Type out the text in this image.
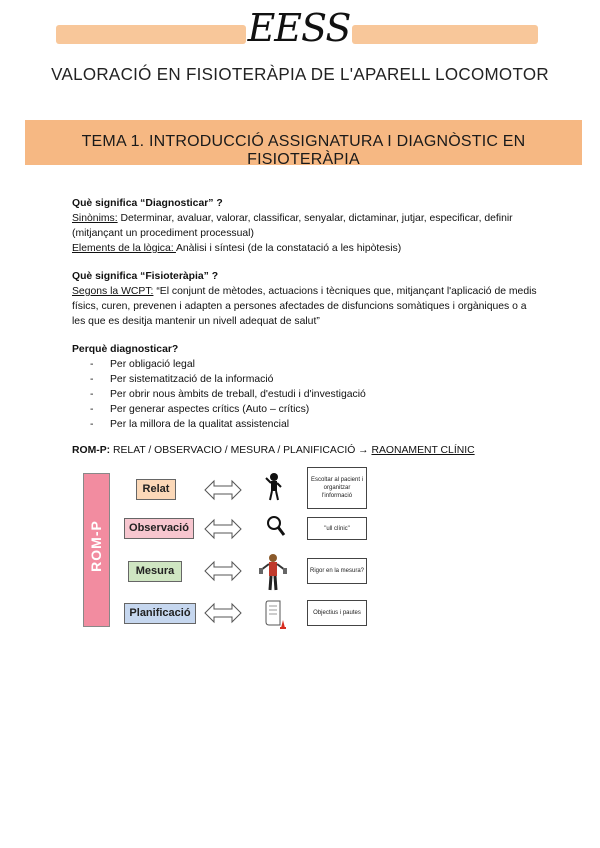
EESS
VALORACIÓ EN FISIOTERÀPIA DE L'APARELL LOCOMOTOR
TEMA 1. INTRODUCCIÓ ASSIGNATURA I DIAGNÒSTIC EN FISIOTERÀPIA
Què significa “Diagnosticar” ?
Sinònims: Determinar, avaluar, valorar, classificar, senyalar, dictaminar, jutjar, especificar, definir (mitjançant un procediment processual)
Elements de la lògica: Anàlisi i síntesi (de la constatació a les hipòtesis)
Què significa “Fisioteràpia” ?
Segons la WCPT: “El conjunt de mètodes, actuacions i tècniques que, mitjançant l'aplicació de medis físics, curen, prevenen i adapten a persones afectades de disfuncions somàtiques i orgàniques o a les que es desitja mantenir un nivell adequat de salut”
Perquè diagnosticar?
- Per obligació legal
- Per sistematització de la informació
- Per obrir nous àmbits de treball, d'estudi i d'investigació
- Per generar aspectes crítics (Auto – crítics)
- Per la millora de la qualitat assistencial
ROM-P: RELAT / OBSERVACIO / MESURA / PLANIFICACIÓ → RAONAMENT CLÍNIC
ROM-P
Relat
Observació
Mesura
Planificació
Escoltar al pacient i organitzar l'informació
"ull clínic"
Rigor en la mesura?
Objectius i pautes
